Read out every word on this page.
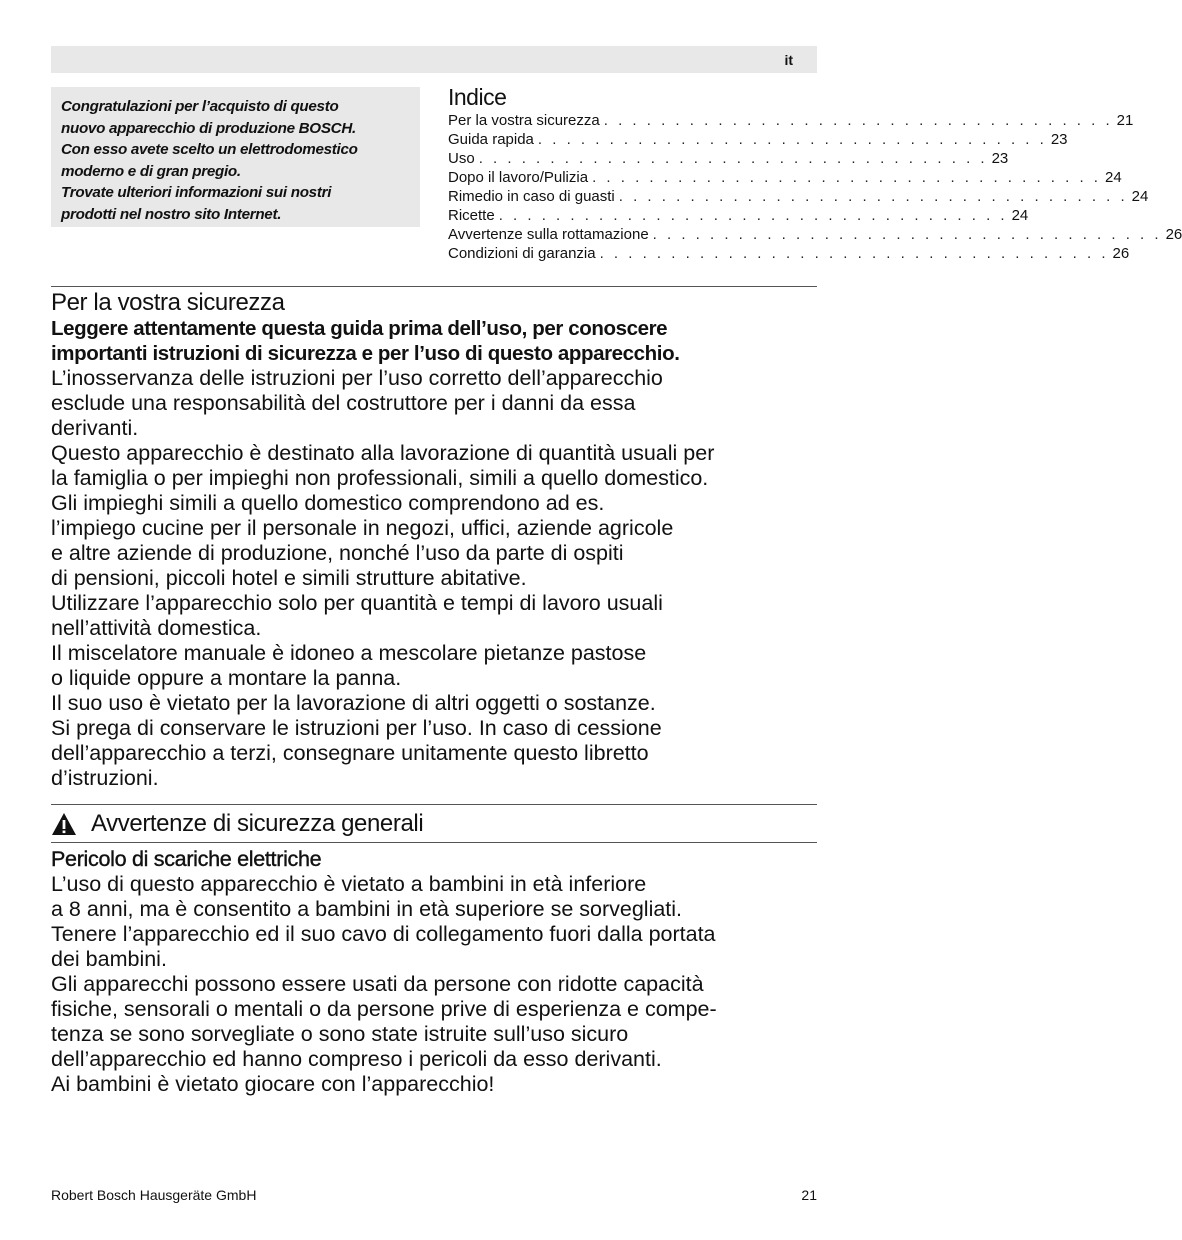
it
Congratulazioni per l’acquisto di questo
nuovo apparecchio di produzione BOSCH.
Con esso avete scelto un elettrodomestico
moderno e di gran pregio.
Trovate ulteriori informazioni sui nostri
prodotti nel nostro sito Internet.
Indice
Per la vostra sicurezza . . . . . . . . . . . . . . . . . . . . . . . . . . . . . . . . . . . . 21
Guida rapida . . . . . . . . . . . . . . . . . . . . . . . . . . . . . . . . . . . . 23
Uso . . . . . . . . . . . . . . . . . . . . . . . . . . . . . . . . . . . . 23
Dopo il lavoro/Pulizia . . . . . . . . . . . . . . . . . . . . . . . . . . . . . . . . . . . . 24
Rimedio in caso di guasti . . . . . . . . . . . . . . . . . . . . . . . . . . . . . . . . . . . . 24
Ricette . . . . . . . . . . . . . . . . . . . . . . . . . . . . . . . . . . . . 24
Avvertenze sulla rottamazione . . . . . . . . . . . . . . . . . . . . . . . . . . . . . . . . . . . . 26
Condizioni di garanzia . . . . . . . . . . . . . . . . . . . . . . . . . . . . . . . . . . . . 26
Per la vostra sicurezza
Leggere attentamente questa guida prima dell’uso, per conoscere
importanti istruzioni di sicurezza e per l’uso di questo apparecchio.
L’inosservanza delle istruzioni per l’uso corretto dell’apparecchio
esclude una responsabilità del costruttore per i danni da essa
derivanti.
Questo apparecchio è destinato alla lavorazione di quantità usuali per
la famiglia o per impieghi non professionali, simili a quello domestico.
Gli impieghi simili a quello domestico comprendono ad es.
l’impiego cucine per il personale in negozi, uffici, aziende agricole
e altre aziende di produzione, nonché l’uso da parte di ospiti
di pensioni, piccoli hotel e simili strutture abitative.
Utilizzare l’apparecchio solo per quantità e tempi di lavoro usuali
nell’attività domestica.
Il miscelatore manuale è idoneo a mescolare pietanze pastose
o liquide oppure a montare la panna.
Il suo uso è vietato per la lavorazione di altri oggetti o sostanze.
Si prega di conservare le istruzioni per l’uso. In caso di cessione
dell’apparecchio a terzi, consegnare unitamente questo libretto
d’istruzioni.
Avvertenze di sicurezza generali
Pericolo di scariche elettriche
L’uso di questo apparecchio è vietato a bambini in età inferiore
a 8 anni, ma è consentito a bambini in età superiore se sorvegliati.
Tenere l’apparecchio ed il suo cavo di collegamento fuori dalla portata
dei bambini.
Gli apparecchi possono essere usati da persone con ridotte capacità
fisiche, sensorali o mentali o da persone prive di esperienza e compe-
tenza se sono sorvegliate o sono state istruite sull’uso sicuro
dell’apparecchio ed hanno compreso i pericoli da esso derivanti.
Ai bambini è vietato giocare con l’apparecchio!
Robert Bosch Hausgeräte GmbH	21
